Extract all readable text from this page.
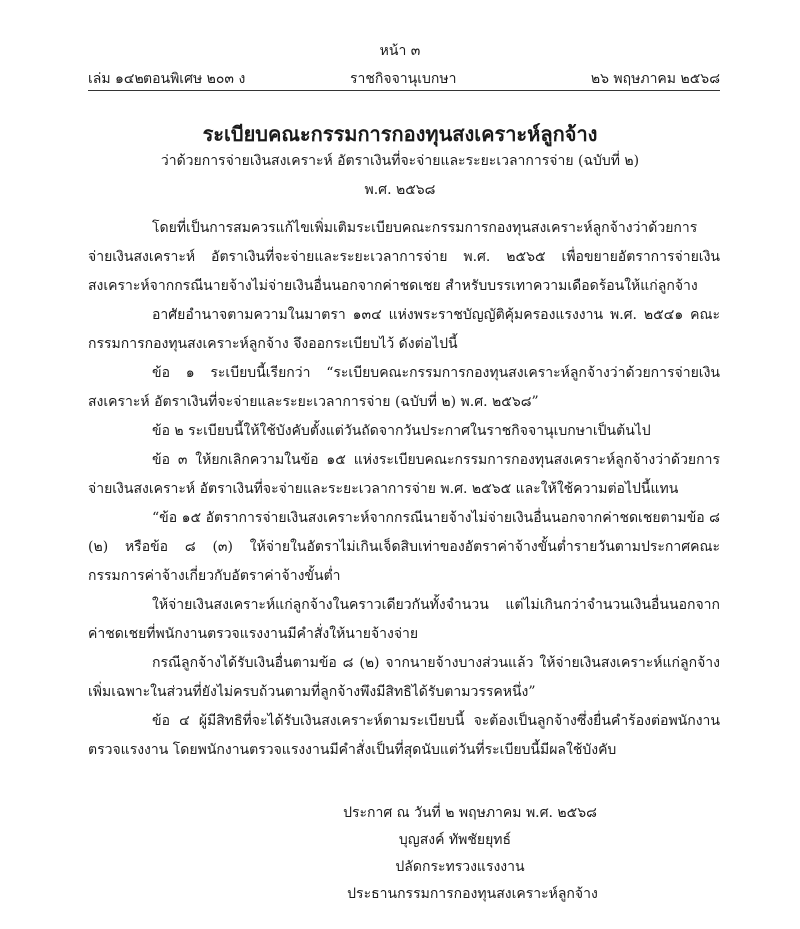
หน้า ๓
เล่ม ๑๔๒ ตอนพิเศษ ๒๐๓ ง	ราชกิจจานุเบกษา	๒๖ พฤษภาคม ๒๕๖๘
ระเบียบคณะกรรมการกองทุนสงเคราะห์ลูกจ้าง
ว่าด้วยการจ่ายเงินสงเคราะห์ อัตราเงินที่จะจ่ายและระยะเวลาการจ่าย (ฉบับที่ ๒)
พ.ศ. ๒๕๖๘

โดยที่เป็นการสมควรแก้ไขเพิ่มเติมระเบียบคณะกรรมการกองทุนสงเคราะห์ลูกจ้างว่าด้วยการจ่ายเงินสงเคราะห์ อัตราเงินที่จะจ่ายและระยะเวลาการจ่าย พ.ศ. ๒๕๖๕ เพื่อขยายอัตราการจ่ายเงินสงเคราะห์จากกรณีนายจ้างไม่จ่ายเงินอื่นนอกจากค่าชดเชย สำหรับบรรเทาความเดือดร้อนให้แก่ลูกจ้าง

อาศัยอำนาจตามความในมาตรา ๑๓๔ แห่งพระราชบัญญัติคุ้มครองแรงงาน พ.ศ. ๒๕๔๑ คณะกรรมการกองทุนสงเคราะห์ลูกจ้าง จึงออกระเบียบไว้ ดังต่อไปนี้

ข้อ ๑ ระเบียบนี้เรียกว่า “ระเบียบคณะกรรมการกองทุนสงเคราะห์ลูกจ้างว่าด้วยการจ่ายเงินสงเคราะห์ อัตราเงินที่จะจ่ายและระยะเวลาการจ่าย (ฉบับที่ ๒) พ.ศ. ๒๕๖๘”

ข้อ ๒ ระเบียบนี้ให้ใช้บังคับตั้งแต่วันถัดจากวันประกาศในราชกิจจานุเบกษาเป็นต้นไป

ข้อ ๓ ให้ยกเลิกความในข้อ ๑๕ แห่งระเบียบคณะกรรมการกองทุนสงเคราะห์ลูกจ้างว่าด้วยการจ่ายเงินสงเคราะห์ อัตราเงินที่จะจ่ายและระยะเวลาการจ่าย พ.ศ. ๒๕๖๕ และให้ใช้ความต่อไปนี้แทน

“ข้อ ๑๕ อัตราการจ่ายเงินสงเคราะห์จากกรณีนายจ้างไม่จ่ายเงินอื่นนอกจากค่าชดเชยตามข้อ ๘ (๒) หรือข้อ ๘ (๓) ให้จ่ายในอัตราไม่เกินเจ็ดสิบเท่าของอัตราค่าจ้างขั้นต่ำรายวันตามประกาศคณะกรรมการค่าจ้างเกี่ยวกับอัตราค่าจ้างขั้นต่ำ

ให้จ่ายเงินสงเคราะห์แก่ลูกจ้างในคราวเดียวกันทั้งจำนวน แต่ไม่เกินกว่าจำนวนเงินอื่นนอกจากค่าชดเชยที่พนักงานตรวจแรงงานมีคำสั่งให้นายจ้างจ่าย

กรณีลูกจ้างได้รับเงินอื่นตามข้อ ๘ (๒) จากนายจ้างบางส่วนแล้ว ให้จ่ายเงินสงเคราะห์แก่ลูกจ้างเพิ่มเฉพาะในส่วนที่ยังไม่ครบถ้วนตามที่ลูกจ้างพึงมีสิทธิได้รับตามวรรคหนึ่ง”

ข้อ ๔ ผู้มีสิทธิที่จะได้รับเงินสงเคราะห์ตามระเบียบนี้ จะต้องเป็นลูกจ้างซึ่งยื่นคำร้องต่อพนักงานตรวจแรงงาน โดยพนักงานตรวจแรงงานมีคำสั่งเป็นที่สุดนับแต่วันที่ระเบียบนี้มีผลใช้บังคับ

ประกาศ ณ วันที่ ๒ พฤษภาคม พ.ศ. ๒๕๖๘
บุญสงค์ ทัพชัยยุทธ์
ปลัดกระทรวงแรงงาน
ประธานกรรมการกองทุนสงเคราะห์ลูกจ้าง
